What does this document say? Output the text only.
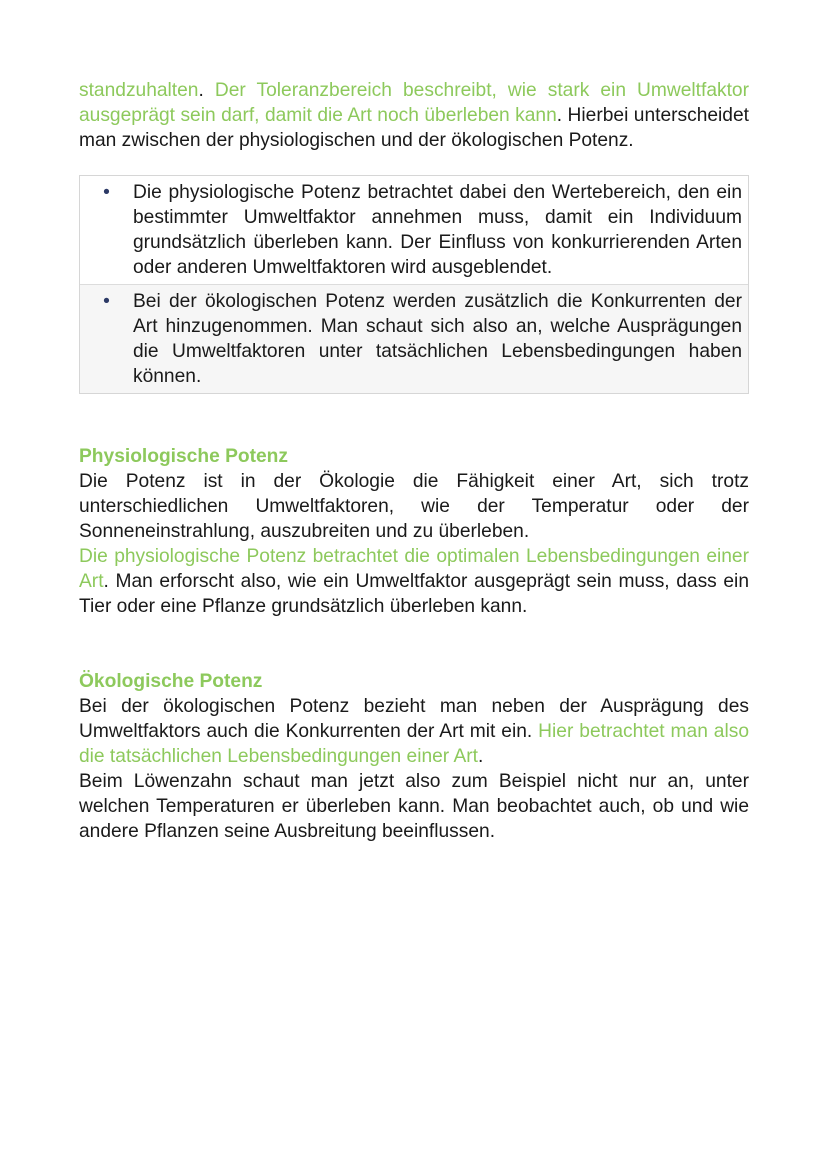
standzuhalten. Der Toleranzbereich beschreibt, wie stark ein Umweltfaktor ausgeprägt sein darf, damit die Art noch überleben kann. Hierbei unterscheidet man zwischen der physiologischen und der ökologischen Potenz.

•	Die physiologische Potenz betrachtet dabei den Wertebereich, den ein bestimmter Umweltfaktor annehmen muss, damit ein Individuum grundsätzlich überleben kann. Der Einfluss von konkurrierenden Arten oder anderen Umweltfaktoren wird ausgeblendet.
•	Bei der ökologischen Potenz werden zusätzlich die Konkurrenten der Art hinzugenommen. Man schaut sich also an, welche Ausprägungen die Umweltfaktoren unter tatsächlichen Lebensbedingungen haben können.
Physiologische Potenz

Die Potenz ist in der Ökologie die Fähigkeit einer Art, sich trotz unterschiedlichen Umweltfaktoren, wie der Temperatur oder der Sonneneinstrahlung, auszubreiten und zu überleben.

Die physiologische Potenz betrachtet die optimalen Lebensbedingungen einer Art. Man erforscht also, wie ein Umweltfaktor ausgeprägt sein muss, dass ein Tier oder eine Pflanze grundsätzlich überleben kann.

Ökologische Potenz

Bei der ökologischen Potenz bezieht man neben der Ausprägung des Umweltfaktors auch die Konkurrenten der Art mit ein. Hier betrachtet man also die tatsächlichen Lebensbedingungen einer Art.

Beim Löwenzahn schaut man jetzt also zum Beispiel nicht nur an, unter welchen Temperaturen er überleben kann. Man beobachtet auch, ob und wie andere Pflanzen seine Ausbreitung beeinflussen.
